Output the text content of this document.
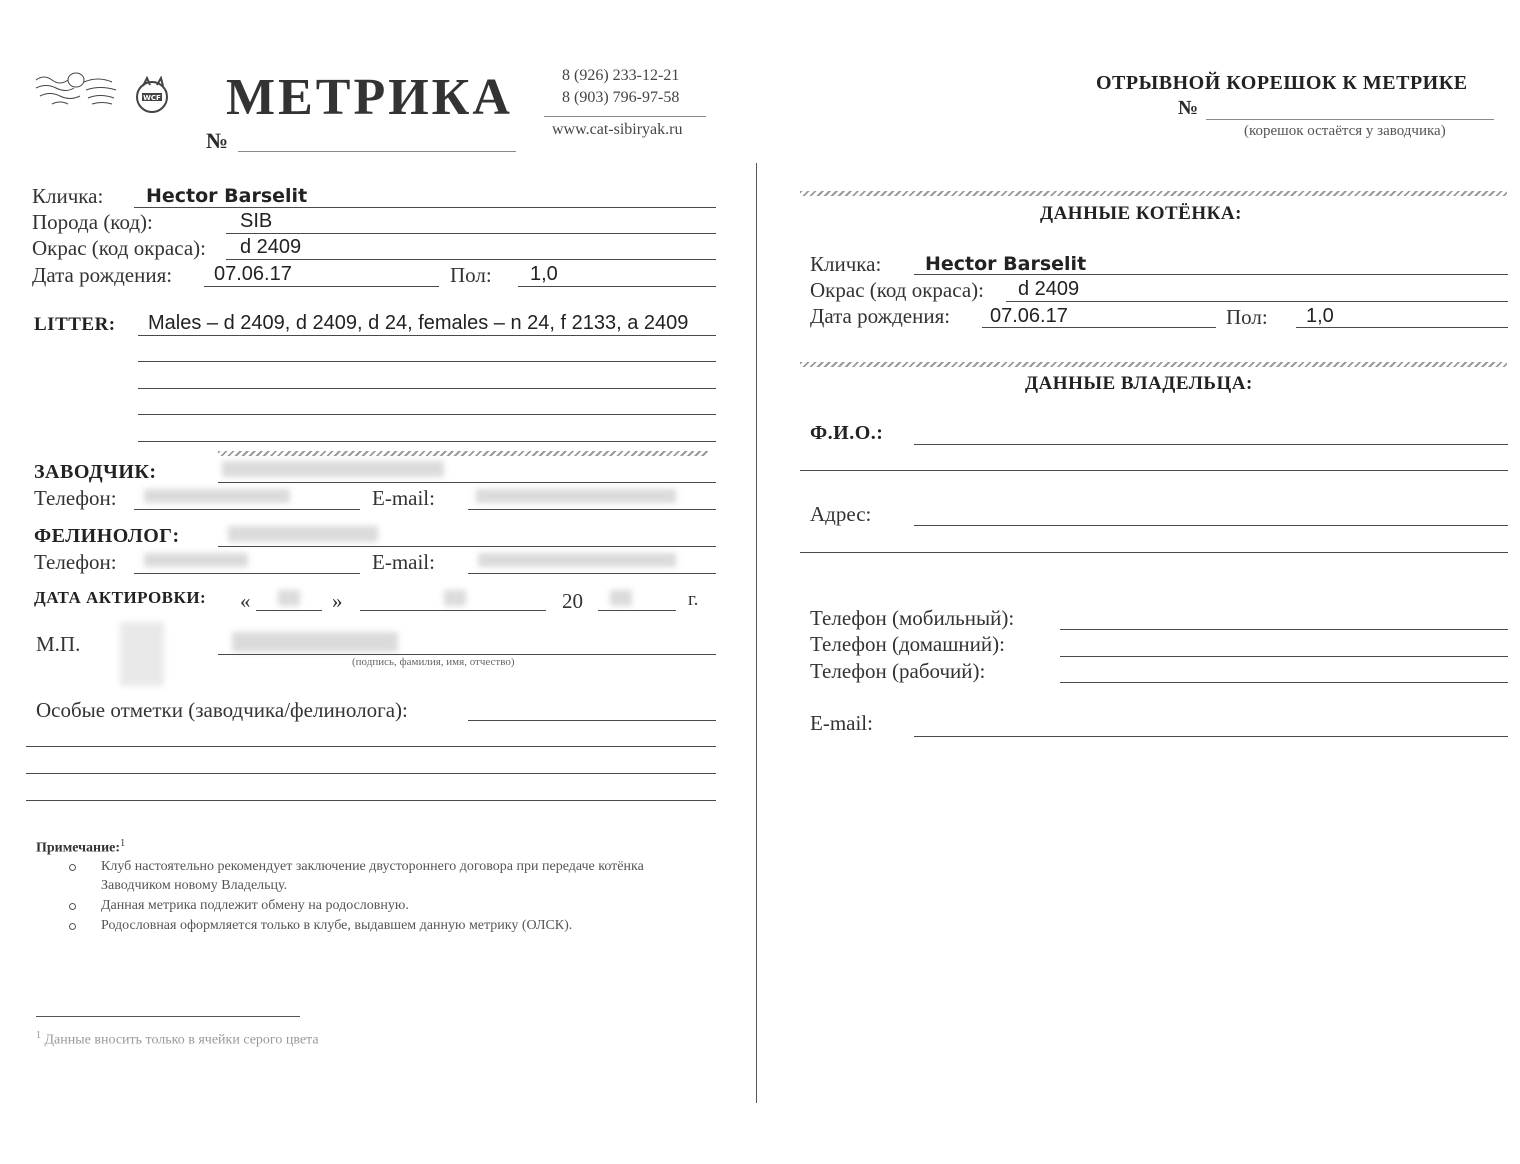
WCF МЕТРИКА
№
8 (926) 233-12-21
8 (903) 796-97-58
www.cat-sibiryak.ru
Кличка: Hector Barselit
Порода (код):	SIB
Окрас (код окраса): d 2409
Дата рождения: 07.06.17	Пол: 1,0
LITTER: Males – d 2409, d 2409, d 24, females – n 24, f 2133, a 2409
ЗАВОДЧИК:
Телефон:	E-mail:
ФЕЛИНОЛОГ:
Телефон:	E-mail:
ДАТА АКТИРОВКИ: «	»	20	г.
М.П.
(подпись, фамилия, имя, отчество)
Особые отметки (заводчика/фелинолога):
Примечание:$^1$
Клуб настоятельно рекомендует заключение двустороннего договора при передаче котёнка Заводчиком новому Владельцу.
Данная метрика подлежит обмену на родословную.
Родословная оформляется только в клубе, выдавшем данную метрику (ОЛСК).
$^1$ Данные вносить только в ячейки серого цвета
ОТРЫВНОЙ КОРЕШОК К МЕТРИКЕ
№
(корешок остаётся у заводчика)
ДАННЫЕ КОТЁНКА:
Кличка: Hector Barselit
Окрас (код окраса): d 2409
Дата рождения: 07.06.17	Пол: 1,0
ДАННЫЕ ВЛАДЕЛЬЦА:
Ф.И.О.:
Адрес:
Телефон (мобильный):
Телефон (домашний):
Телефон (рабочий):
E-mail:
